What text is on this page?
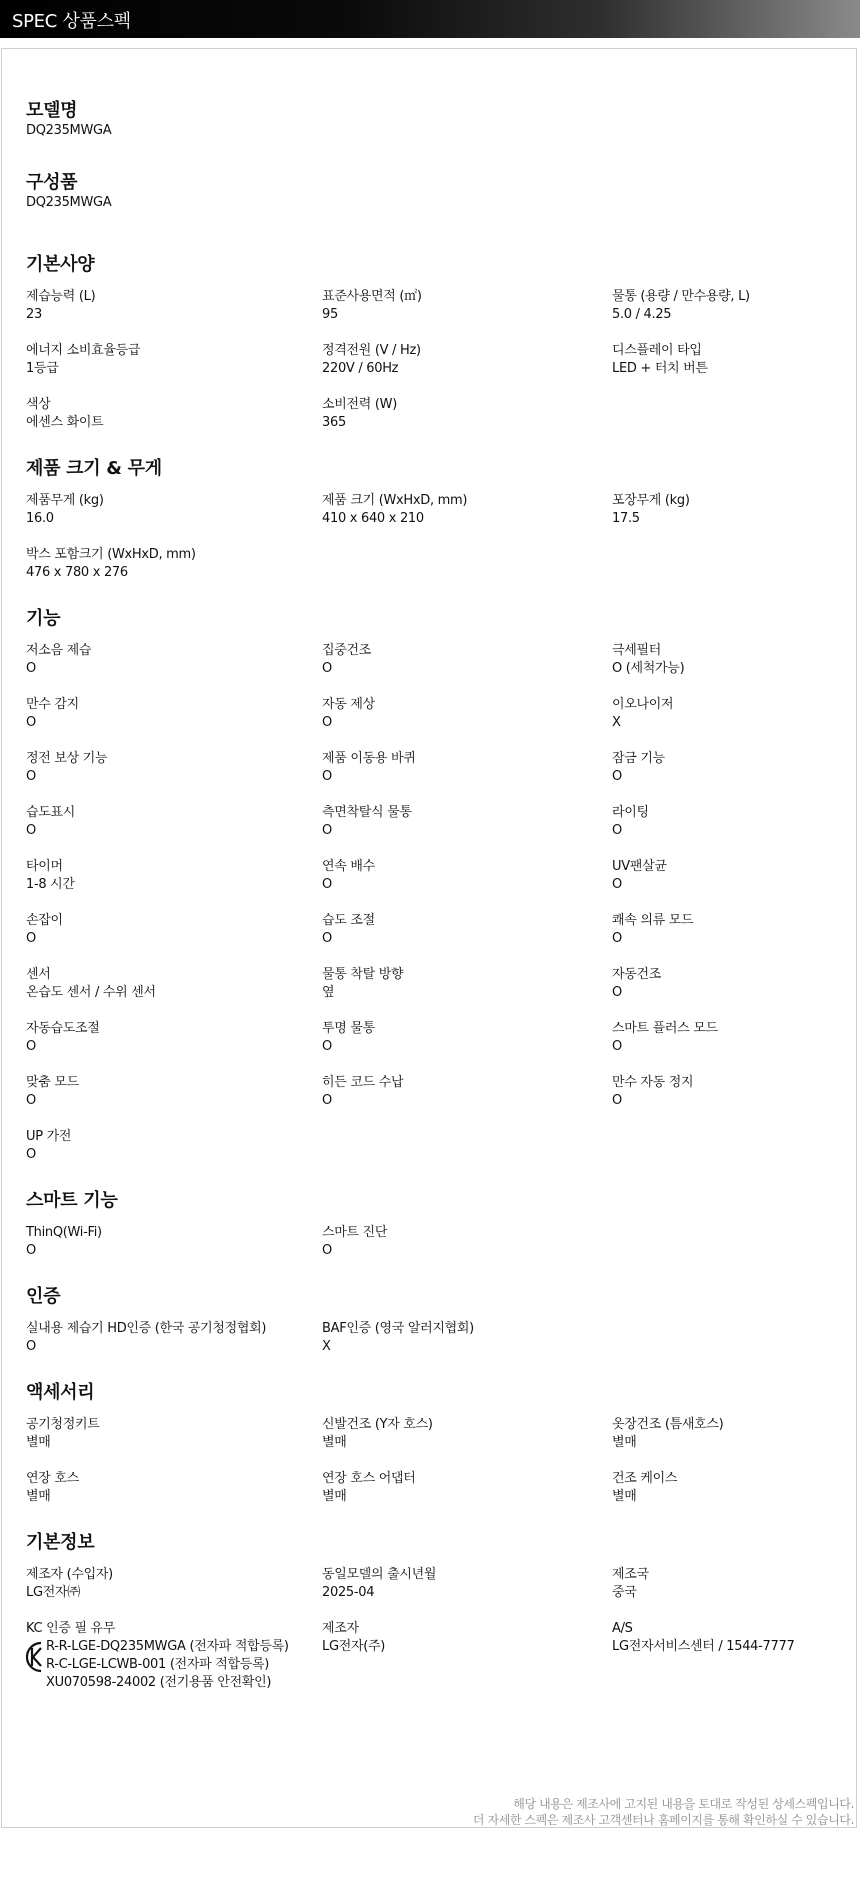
SPEC 상품스펙
모델명
DQ235MWGA
구성품
DQ235MWGA
기본사양
제습능력 (L)
23
표준사용면적 (㎡)
95
물통 (용량 / 만수용량, L)
5.0 / 4.25
에너지 소비효율등급
1등급
정격전원 (V / Hz)
220V / 60Hz
디스플레이 타입
LED + 터치 버튼
색상
에센스 화이트
소비전력 (W)
365
제품 크기 & 무게
제품무게 (kg)
16.0
제품 크기 (WxHxD, mm)
410 x 640 x 210
포장무게 (kg)
17.5
박스 포함크기 (WxHxD, mm)
476 x 780 x 276
기능
저소음 제습
O
집중건조
O
극세필터
O (세척가능)
만수 감지
O
자동 제상
O
이오나이저
X
정전 보상 기능
O
제품 이동용 바퀴
O
잠금 기능
O
습도표시
O
측면착탈식 물통
O
라이팅
O
타이머
1-8 시간
연속 배수
O
UV팬살균
O
손잡이
O
습도 조절
O
쾌속 의류 모드
O
센서
온습도 센서 / 수위 센서
물통 착탈 방향
옆
자동건조
O
자동습도조절
O
투명 물통
O
스마트 플러스 모드
O
맞춤 모드
O
히든 코드 수납
O
만수 자동 정지
O
UP 가전
O
스마트 기능
ThinQ(Wi-Fi)
O
스마트 진단
O
인증
실내용 제습기 HD인증 (한국 공기청정협회)
O
BAF인증 (영국 알러지협회)
X
액세서리
공기청정키트
별매
신발건조 (Y자 호스)
별매
옷장건조 (틈새호스)
별매
연장 호스
별매
연장 호스 어댑터
별매
건조 케이스
별매
기본정보
제조자 (수입자)
LG전자㈜
동일모델의 출시년월
2025-04
제조국
중국
KC 인증 필 유무
R-R-LGE-DQ235MWGA (전자파 적합등록)
R-C-LGE-LCWB-001 (전자파 적합등록)
XU070598-24002 (전기용품 안전확인)
제조자
LG전자(주)
A/S
LG전자서비스센터 / 1544-7777
해당 내용은 제조사에 고지된 내용을 토대로 작성된 상세스펙입니다.
더 자세한 스펙은 제조사 고객센터나 홈페이지를 통해 확인하실 수 있습니다.
